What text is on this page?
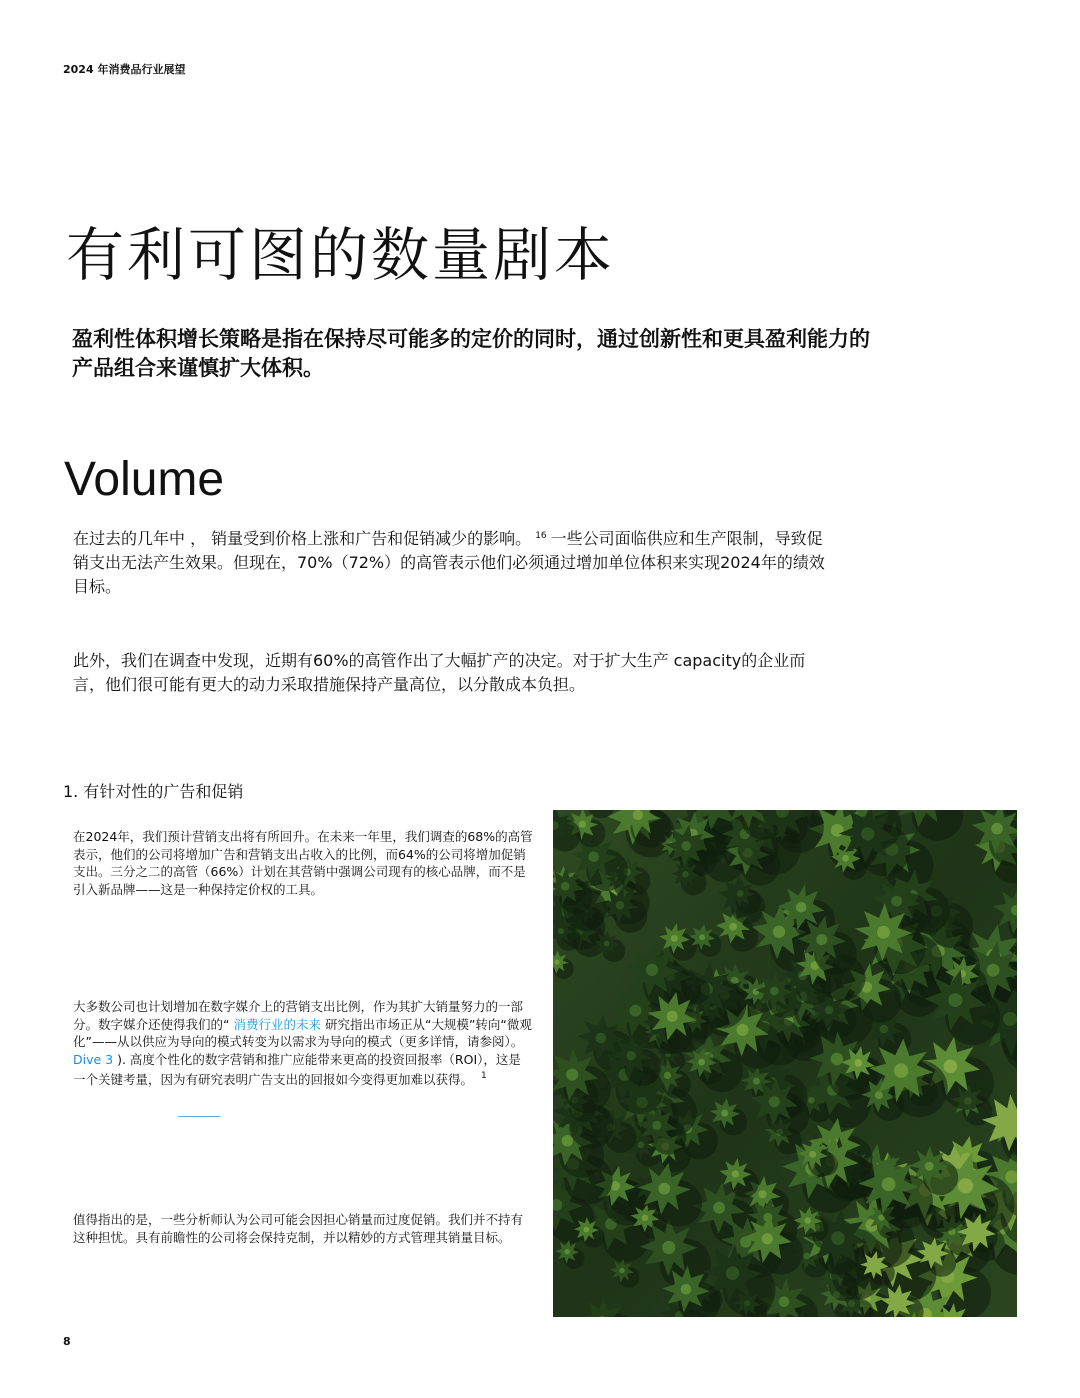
2024 年消费品行业展望
有利可图的数量剧本
盈利性体积增长策略是指在保持尽可能多的定价的同时，通过创新性和更具盈利能力的产品组合来谨慎扩大体积。
Volume
在过去的几年中 ， 销量受到价格上涨和广告和促销减少的影响。 $^{16}$ 一些公司面临供应和生产限制，导致促销支出无法产生效果。但现在，70%（72%）的高管表示他们必须通过增加单位体积来实现2024年的绩效目标。
此外，我们在调查中发现，近期有60%的高管作出了大幅扩产的决定。对于扩大生产 capacity的企业而言，他们很可能有更大的动力采取措施保持产量高位，以分散成本负担。
1. 有针对性的广告和促销
在2024年，我们预计营销支出将有所回升。在未来一年里，我们调查的68%的高管表示，他们的公司将增加广告和营销支出占收入的比例，而64%的公司将增加促销支出。三分之二的高管（66%）计划在其营销中强调公司现有的核心品牌，而不是引入新品牌——这是一种保持定价权的工具。
大多数公司也计划增加在数字媒介上的营销支出比例，作为其扩大销量努力的一部分。数字媒介还使得我们的“ 消费行业的未来 研究指出市场正从“大规模”转向“微观化”——从以供应为导向的模式转变为以需求为导向的模式（更多详情，请参阅）。 Dive 3 ). 高度个性化的数字营销和推广应能带来更高的投资回报率（ROI），这是一个关键考量，因为有研究表明广告支出的回报如今变得更加难以获得。 $^1$
值得指出的是，一些分析师认为公司可能会因担心销量而过度促销。我们并不持有这种担忧。具有前瞻性的公司将会保持克制，并以精妙的方式管理其销量目标。
8
